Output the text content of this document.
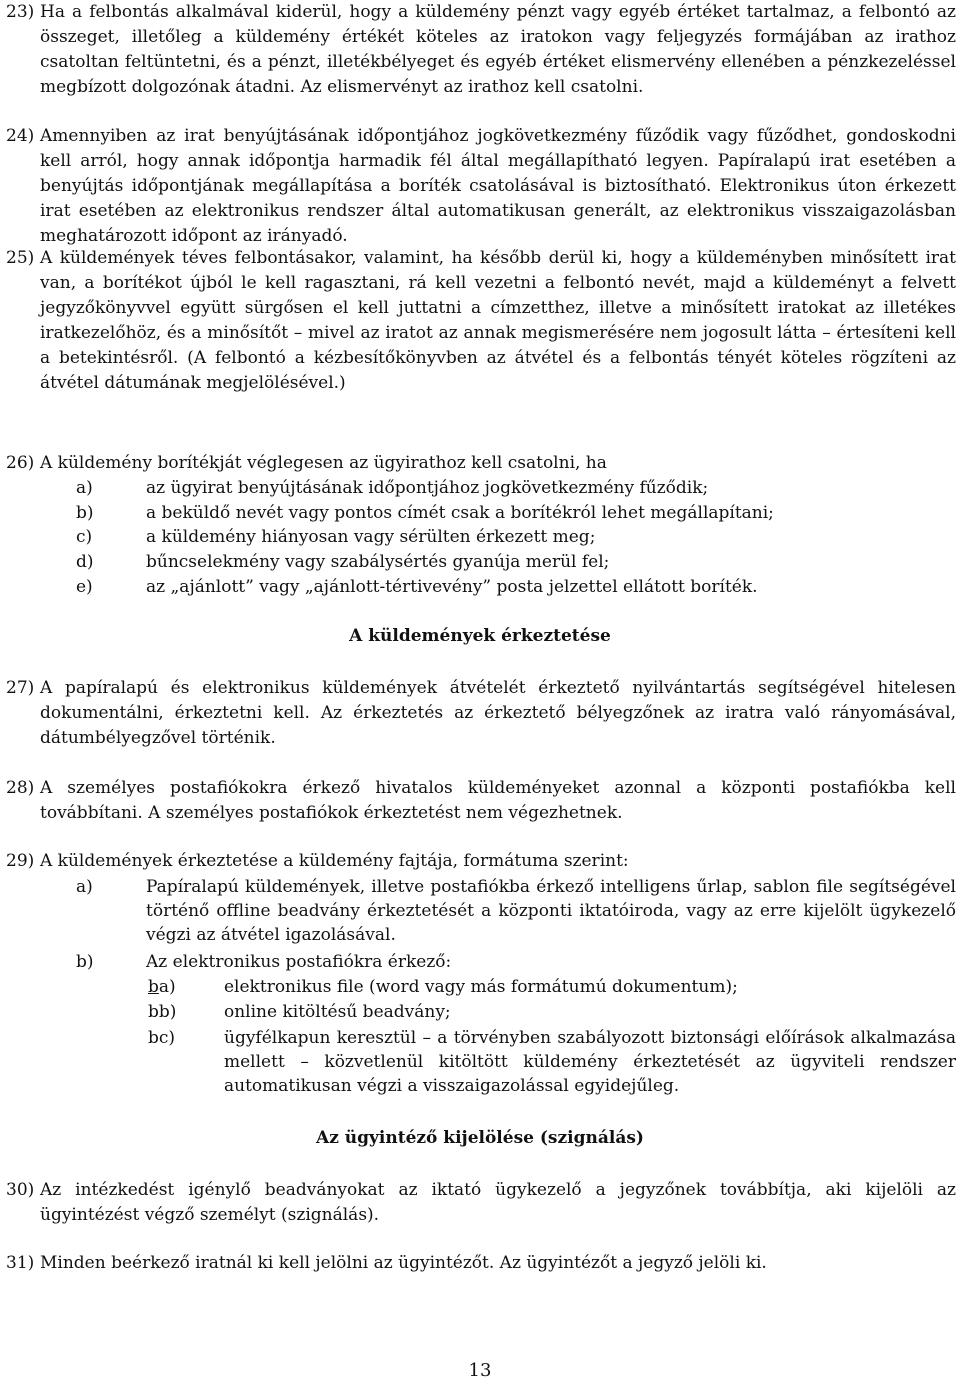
23) Ha a felbontás alkalmával kiderül, hogy a küldemény pénzt vagy egyéb értéket tartalmaz, a felbontó az összeget, illetőleg a küldemény értékét köteles az iratokon vagy feljegyzés formájában az irathoz csatoltan feltüntetni, és a pénzt, illetékbélyeget és egyéb értéket elismervény ellenében a pénzkezeléssel megbízott dolgozónak átadni. Az elismervényt az irathoz kell csatolni.
24) Amennyiben az irat benyújtásának időpontjához jogkövetkezmény fűződik vagy fűződhet, gondoskodni kell arról, hogy annak időpontja harmadik fél által megállapítható legyen. Papíralapú irat esetében a benyújtás időpontjának megállapítása a boríték csatolásával is biztosítható. Elektronikus úton érkezett irat esetében az elektronikus rendszer által automatikusan generált, az elektronikus visszaigazolásban meghatározott időpont az irányadó.
25) A küldemények téves felbontásakor, valamint, ha később derül ki, hogy a küldeményben minősített irat van, a borítékot újból le kell ragasztani, rá kell vezetni a felbontó nevét, majd a küldeményt a felvett jegyzőkönyvvel együtt sürgősen el kell juttatni a címzetthez, illetve a minősített iratokat az illetékes iratkezelőhöz, és a minősítőt – mivel az iratot az annak megismerésére nem jogosult látta – értesíteni kell a betekintésről. (A felbontó a kézbesítőkönyvben az átvétel és a felbontás tényét köteles rögzíteni az átvétel dátumának megjelölésével.)
26) A küldemény borítékját véglegesen az ügyirathoz kell csatolni, ha
a)	az ügyirat benyújtásának időpontjához jogkövetkezmény fűződik;
b)	a beküldő nevét vagy pontos címét csak a borítékról lehet megállapítani;
c)	a küldemény hiányosan vagy sérülten érkezett meg;
d)	bűncselekmény vagy szabálysértés gyanúja merül fel;
e)	az „ajánlott” vagy „ajánlott-tértivevény” posta jelzettel ellátott boríték.
A küldemények érkeztetése
27) A papíralapú és elektronikus küldemények átvételét érkeztető nyilvántartás segítségével hitelesen dokumentálni, érkeztetni kell. Az érkeztetés az érkeztető bélyegzőnek az iratra való rányomásával, dátumbélyegzővel történik.
28) A személyes postafiókokra érkező hivatalos küldeményeket azonnal a központi postafiókba kell továbbítani. A személyes postafiókok érkeztetést nem végezhetnek.
29) A küldemények érkeztetése a küldemény fajtája, formátuma szerint:
a)	Papíralapú küldemények, illetve postafiókba érkező intelligens űrlap, sablon file segítségével történő offline beadvány érkeztetését a központi iktatóiroda, vagy az erre kijelölt ügykezelő végzi az átvétel igazolásával.
b)	Az elektronikus postafiókra érkező:
ba)	elektronikus file (word vagy más formátumú dokumentum);
bb)	online kitöltésű beadvány;
bc)	ügyfélkapun keresztül – a törvényben szabályozott biztonsági előírások alkalmazása mellett – közvetlenül kitöltött küldemény érkeztetését az ügyviteli rendszer automatikusan végzi a visszaigazolással egyidejűleg.
Az ügyintéző kijelölése (szignálás)
30) Az intézkedést igénylő beadványokat az iktató ügykezelő a jegyzőnek továbbítja, aki kijelöli az ügyintézést végző személyt (szignálás).
31) Minden beérkező iratnál ki kell jelölni az ügyintézőt. Az ügyintézőt a jegyző jelöli ki.
13
